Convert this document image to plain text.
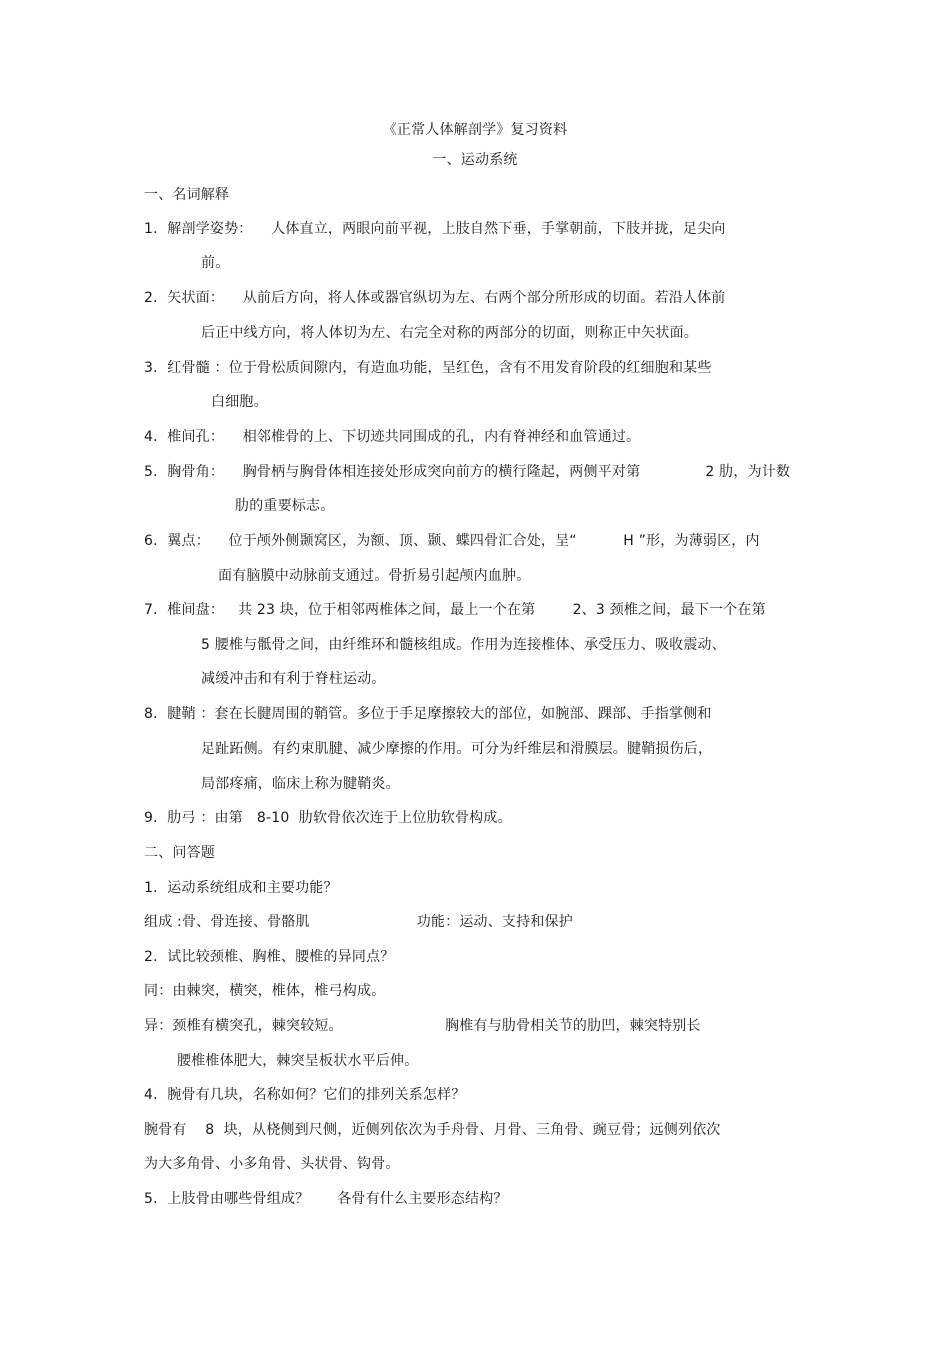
《正常人体解剖学》复习资料
一、运动系统
一、名词解释
1．解剖学姿势：    人体直立，两眼向前平视，上肢自然下垂，手掌朝前，下肢并拢，足尖向
前。
2．矢状面：    从前后方向，将人体或器官纵切为左、右两个部分所形成的切面。若沿人体前
后正中线方向，将人体切为左、右完全对称的两部分的切面，则称正中矢状面。
3．红骨髓 ：位于骨松质间隙内，有造血功能，呈红色，含有不用发育阶段的红细胞和某些
白细胞。
4．椎间孔：    相邻椎骨的上、下切迹共同围成的孔，内有脊神经和血管通过。
5．胸骨角：    胸骨柄与胸骨体相连接处形成突向前方的横行隆起，两侧平对第              2 肋，为计数
肋的重要标志。
6．翼点：    位于颅外侧颞窝区，为额、顶、颞、蝶四骨汇合处，呈“          H ”形，为薄弱区，内
面有脑膜中动脉前支通过。骨折易引起颅内血肿。
7．椎间盘：   共 23 块，位于相邻两椎体之间，最上一个在第        2、3 颈椎之间，最下一个在第
5 腰椎与骶骨之间，由纤维环和髓核组成。作用为连接椎体、承受压力、吸收震动、
减缓冲击和有利于脊柱运动。
8．腱鞘 ：套在长腱周围的鞘管。多位于手足摩擦较大的部位，如腕部、踝部、手指掌侧和
足趾跖侧。有约束肌腱、减少摩擦的作用。可分为纤维层和滑膜层。腱鞘损伤后，
局部疼痛，临床上称为腱鞘炎。
9．肋弓 ：由第   8-10  肋软骨依次连于上位肋软骨构成。
二、问答题
1．运动系统组成和主要功能？
组成 :骨、骨连接、骨骼肌                       功能：运动、支持和保护
2．试比较颈椎、胸椎、腰椎的异同点？
同：由棘突，横突，椎体，椎弓构成。
异：颈椎有横突孔，棘突较短。                      胸椎有与肋骨相关节的肋凹，棘突特别长
腰椎椎体肥大，棘突呈板状水平后伸。
4．腕骨有几块，名称如何？它们的排列关系怎样？
腕骨有    8  块，从桡侧到尺侧，近侧列依次为手舟骨、月骨、三角骨、豌豆骨；远侧列依次
为大多角骨、小多角骨、头状骨、钩骨。
5．上肢骨由哪些骨组成？      各骨有什么主要形态结构？
